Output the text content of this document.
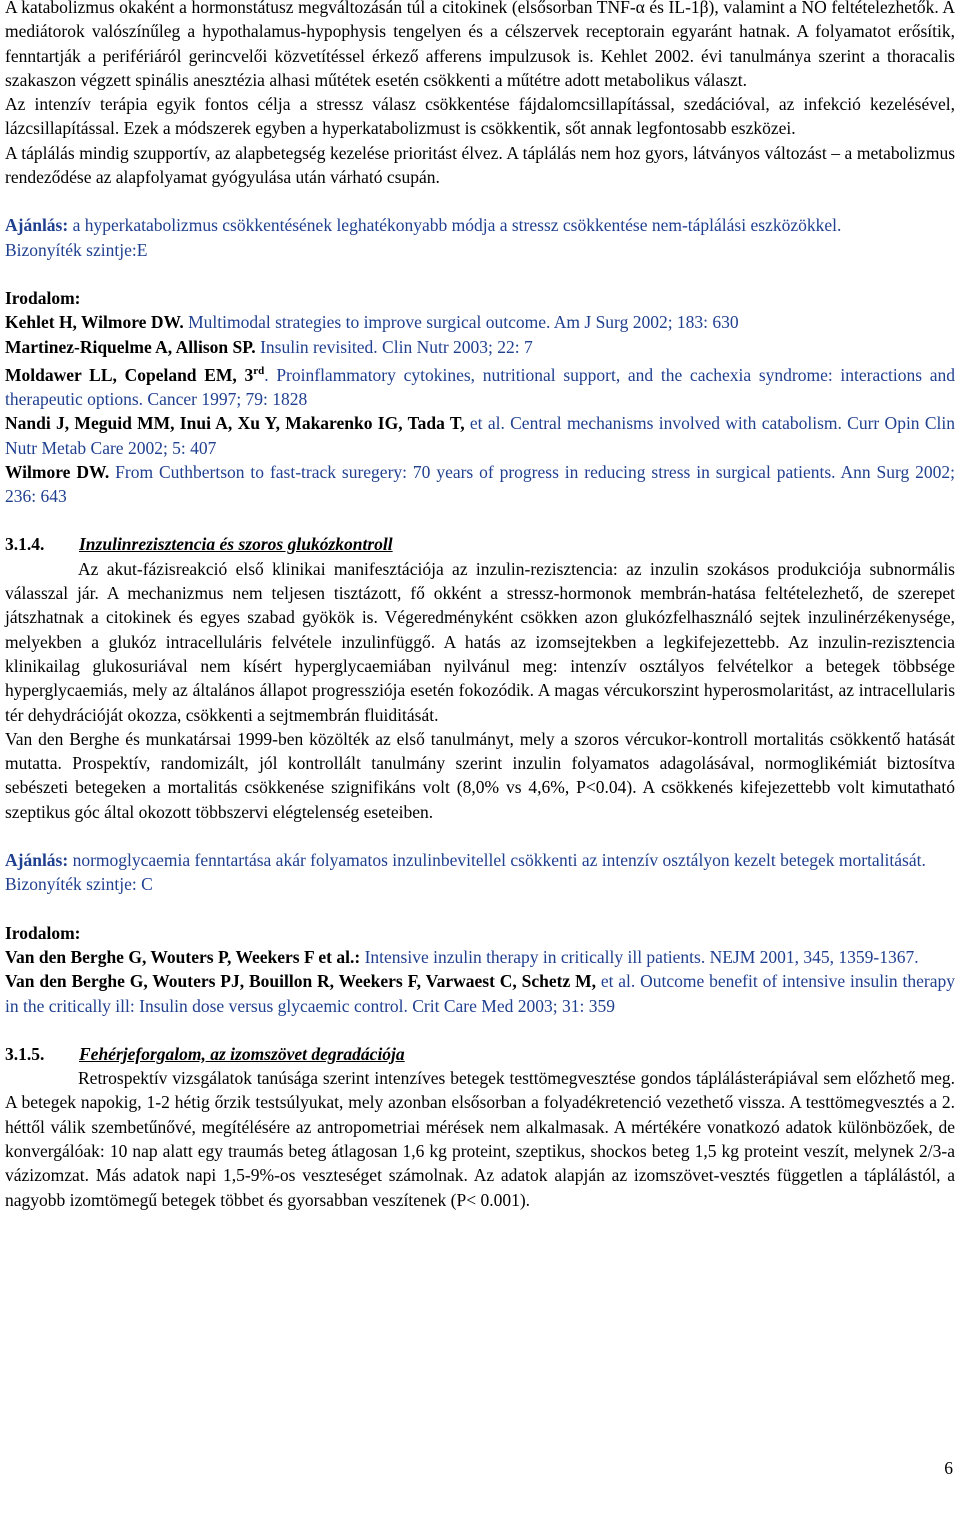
A katabolizmus okaként a hormonstátusz megváltozásán túl a citokinek (elsősorban TNF-α és IL-1β), valamint a NO feltételezhetők. A mediátorok valószínűleg a hypothalamus-hypophysis tengelyen és a célszervek receptorain egyaránt hatnak. A folyamatot erősítik, fenntartják a perifériáról gerincvelői közvetítéssel érkező afferens impulzusok is. Kehlet 2002. évi tanulmánya szerint a thoracalis szakaszon végzett spinális anesztézia alhasi műtétek esetén csökkenti a műtétre adott metabolikus választ.

Az intenzív terápia egyik fontos célja a stressz válasz csökkentése fájdalomcsillapítással, szedációval, az infekció kezelésével, lázcsillapítással. Ezek a módszerek egyben a hyperkatabolizmust is csökkentik, sőt annak legfontosabb eszközei.

A táplálás mindig szupportív, az alapbetegség kezelése prioritást élvez. A táplálás nem hoz gyors, látványos változást – a metabolizmus rendeződése az alapfolyamat gyógyulása után várható csupán.

Ajánlás: a hyperkatabolizmus csökkentésének leghatékonyabb módja a stressz csökkentése nem-táplálási eszközökkel.

Bizonyíték szintje:E

Irodalom:

Kehlet H, Wilmore DW. Multimodal strategies to improve surgical outcome. Am J Surg 2002; 183: 630

Martinez-Riquelme A, Allison SP. Insulin revisited. Clin Nutr 2003; 22: 7

Moldawer LL, Copeland EM, 3rd. Proinflammatory cytokines, nutritional support, and the cachexia syndrome: interactions and therapeutic options. Cancer 1997; 79: 1828

Nandi J, Meguid MM, Inui A, Xu Y, Makarenko IG, Tada T, et al. Central mechanisms involved with catabolism. Curr Opin Clin Nutr Metab Care 2002; 5: 407

Wilmore DW. From Cuthbertson to fast-track suregery: 70 years of progress in reducing stress in surgical patients. Ann Surg 2002; 236: 643

3.1.4. Inzulinrezisztencia és szoros glukózkontroll

Az akut-fázisreakció első klinikai manifesztációja az inzulin-rezisztencia: az inzulin szokásos produkciója subnormális válasszal jár. A mechanizmus nem teljesen tisztázott, fő okként a stressz-hormonok membrán-hatása feltételezhető, de szerepet játszhatnak a citokinek és egyes szabad gyökök is. Végeredményként csökken azon glukózfelhasználó sejtek inzulinérzékenysége, melyekben a glukóz intracelluláris felvétele inzulinfüggő. A hatás az izomsejtekben a legkifejezettebb. Az inzulin-rezisztencia klinikailag glukosuriával nem kísért hyperglycaemiában nyilvánul meg: intenzív osztályos felvételkor a betegek többsége hyperglycaemiás, mely az általános állapot progressziója esetén fokozódik. A magas vércukorszint hyperosmolaritást, az intracellularis tér dehydrációját okozza, csökkenti a sejtmembrán fluiditását.

Van den Berghe és munkatársai 1999-ben közölték az első tanulmányt, mely a szoros vércukor-kontroll mortalitás csökkentő hatását mutatta. Prospektív, randomizált, jól kontrollált tanulmány szerint inzulin folyamatos adagolásával, normoglikémiát biztosítva sebészeti betegeken a mortalitás csökkenése szignifikáns volt (8,0% vs 4,6%, P<0.04). A csökkenés kifejezettebb volt kimutatható szeptikus góc által okozott többszervi elégtelenség eseteiben.

Ajánlás: normoglycaemia fenntartása akár folyamatos inzulinbevitellel csökkenti az intenzív osztályon kezelt betegek mortalitását.

Bizonyíték szintje: C

Irodalom:

Van den Berghe G, Wouters P, Weekers F et al.: Intensive inzulin therapy in critically ill patients. NEJM 2001, 345, 1359-1367.

Van den Berghe G, Wouters PJ, Bouillon R, Weekers F, Varwaest C, Schetz M, et al. Outcome benefit of intensive insulin therapy in the critically ill: Insulin dose versus glycaemic control. Crit Care Med 2003; 31: 359

3.1.5. Fehérjeforgalom, az izomszövet degradációja

Retrospektív vizsgálatok tanúsága szerint intenzíves betegek testtömegvesztése gondos táplálásterápiával sem előzhető meg. A betegek napokig, 1-2 hétig őrzik testsúlyukat, mely azonban elsősorban a folyadékretenció vezethető vissza. A testtömegvesztés a 2. héttől válik szembetűnővé, megítélésére az antropometriai mérések nem alkalmasak. A mértékére vonatkozó adatok különbözőek, de konvergálóak: 10 nap alatt egy traumás beteg átlagosan 1,6 kg proteint, szeptikus, shockos beteg 1,5 kg proteint veszít, melynek 2/3-a vázizomzat. Más adatok napi 1,5-9%-os veszteséget számolnak. Az adatok alapján az izomszövet-vesztés független a táplálástól, a nagyobb izomtömegű betegek többet és gyorsabban veszítenek (P< 0.001).

6
